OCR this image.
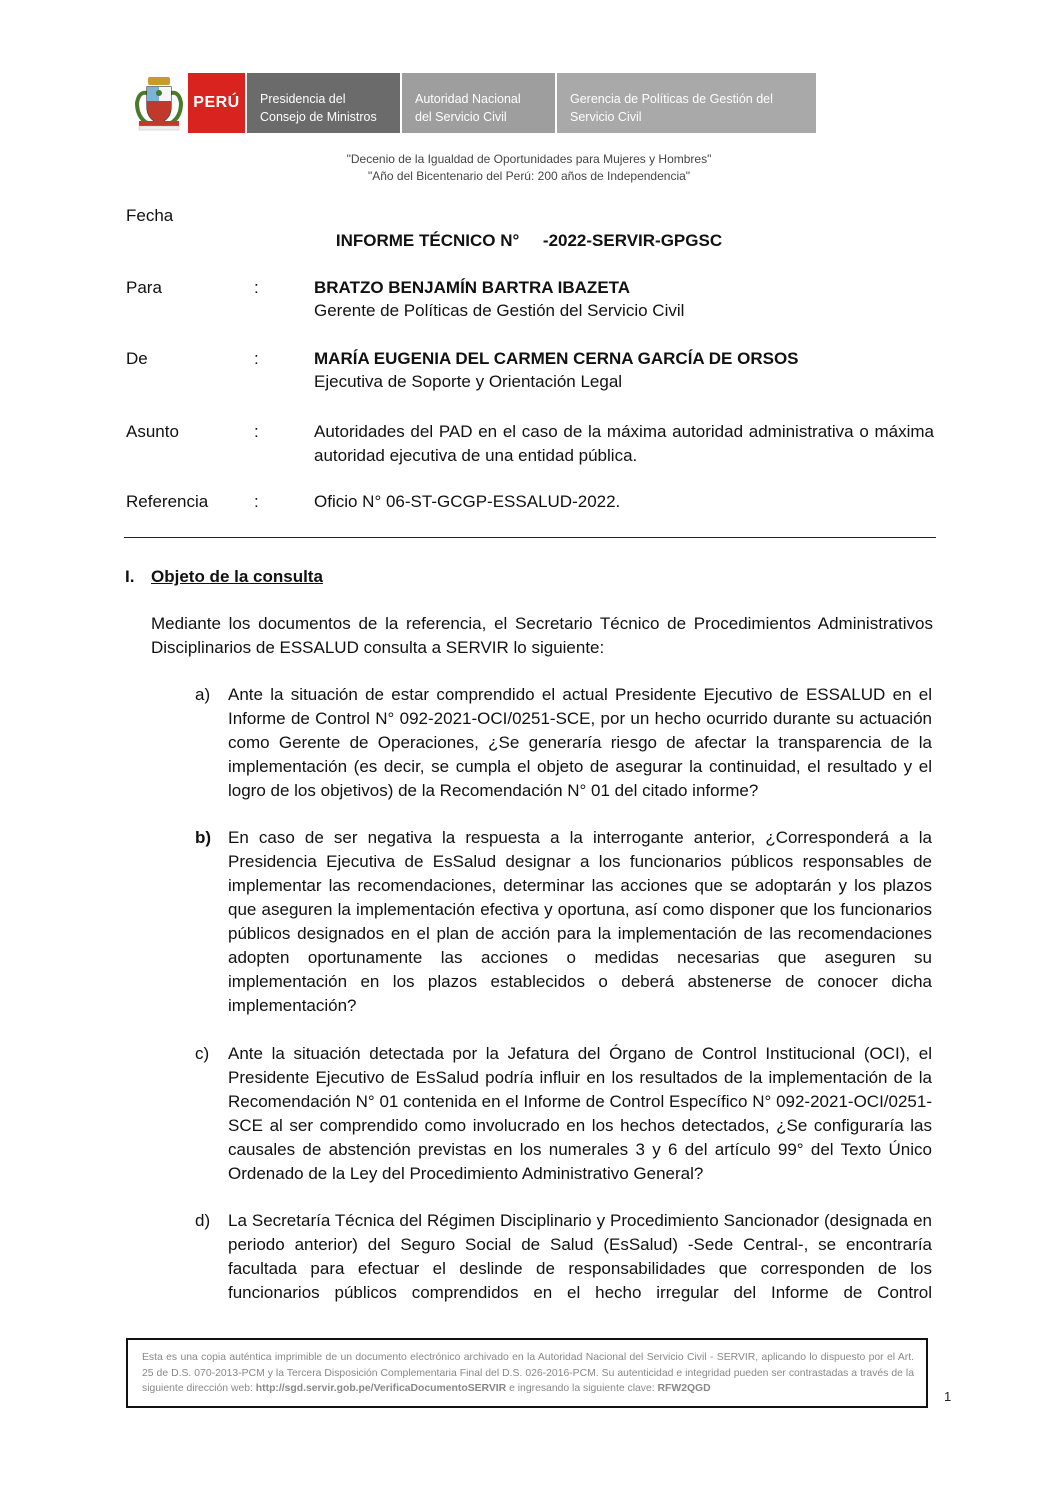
PERÚ Presidencia del
Consejo de Ministros
Autoridad Nacional
del Servicio Civil
Gerencia de Políticas de Gestión del
Servicio Civil
"Decenio de la Igualdad de Oportunidades para Mujeres y Hombres"
"Año del Bicentenario del Perú: 200 años de Independencia"
Fecha
INFORME TÉCNICO N°     -2022-SERVIR-GPGSC
Para	:	BRATZO BENJAMÍN BARTRA IBAZETA
Gerente de Políticas de Gestión del Servicio Civil
De	:	MARÍA EUGENIA DEL CARMEN CERNA GARCÍA DE ORSOS
Ejecutiva de Soporte y Orientación Legal
Asunto	:	Autoridades del PAD en el caso de la máxima autoridad administrativa o máxima autoridad ejecutiva de una entidad pública.
Referencia	:	Oficio N° 06-ST-GCGP-ESSALUD-2022.
I. Objeto de la consulta
Mediante los documentos de la referencia, el Secretario Técnico de Procedimientos Administrativos Disciplinarios de ESSALUD consulta a SERVIR lo siguiente:
a)	Ante la situación de estar comprendido el actual Presidente Ejecutivo de ESSALUD en el Informe de Control N° 092-2021-OCI/0251-SCE, por un hecho ocurrido durante su actuación como Gerente de Operaciones, ¿Se generaría riesgo de afectar la transparencia de la implementación (es decir, se cumpla el objeto de asegurar la continuidad, el resultado y el logro de los objetivos) de la Recomendación N° 01 del citado informe?
b) En caso de ser negativa la respuesta a la interrogante anterior, ¿Corresponderá a la Presidencia Ejecutiva de EsSalud designar a los funcionarios públicos responsables de implementar las recomendaciones, determinar las acciones que se adoptarán y los plazos que aseguren la implementación efectiva y oportuna, así como disponer que los funcionarios públicos designados en el plan de acción para la implementación de las recomendaciones adopten oportunamente las acciones o medidas necesarias que aseguren su implementación en los plazos establecidos o deberá abstenerse de conocer dicha implementación?
c)	Ante la situación detectada por la Jefatura del Órgano de Control Institucional (OCI), el Presidente Ejecutivo de EsSalud podría influir en los resultados de la implementación de la Recomendación N° 01 contenida en el Informe de Control Específico N° 092-2021-OCI/0251-SCE al ser comprendido como involucrado en los hechos detectados, ¿Se configuraría las causales de abstención previstas en los numerales 3 y 6 del artículo 99° del Texto Único Ordenado de la Ley del Procedimiento Administrativo General?
d)	La Secretaría Técnica del Régimen Disciplinario y Procedimiento Sancionador (designada en periodo anterior) del Seguro Social de Salud (EsSalud) -Sede Central-, se encontraría facultada para efectuar el deslinde de responsabilidades que corresponden de los funcionarios públicos comprendidos en el hecho irregular del Informe de Control
Esta es una copia auténtica imprimible de un documento electrónico archivado en la Autoridad Nacional del Servicio Civil - SERVIR, aplicando lo dispuesto por el Art. 25 de D.S. 070-2013-PCM y la Tercera Disposición Complementaria Final del D.S. 026-2016-PCM. Su autenticidad e integridad pueden ser contrastadas a través de la siguiente dirección web: http://sgd.servir.gob.pe/VerificaDocumentoSERVIR e ingresando la siguiente clave: RFW2QGD
1
